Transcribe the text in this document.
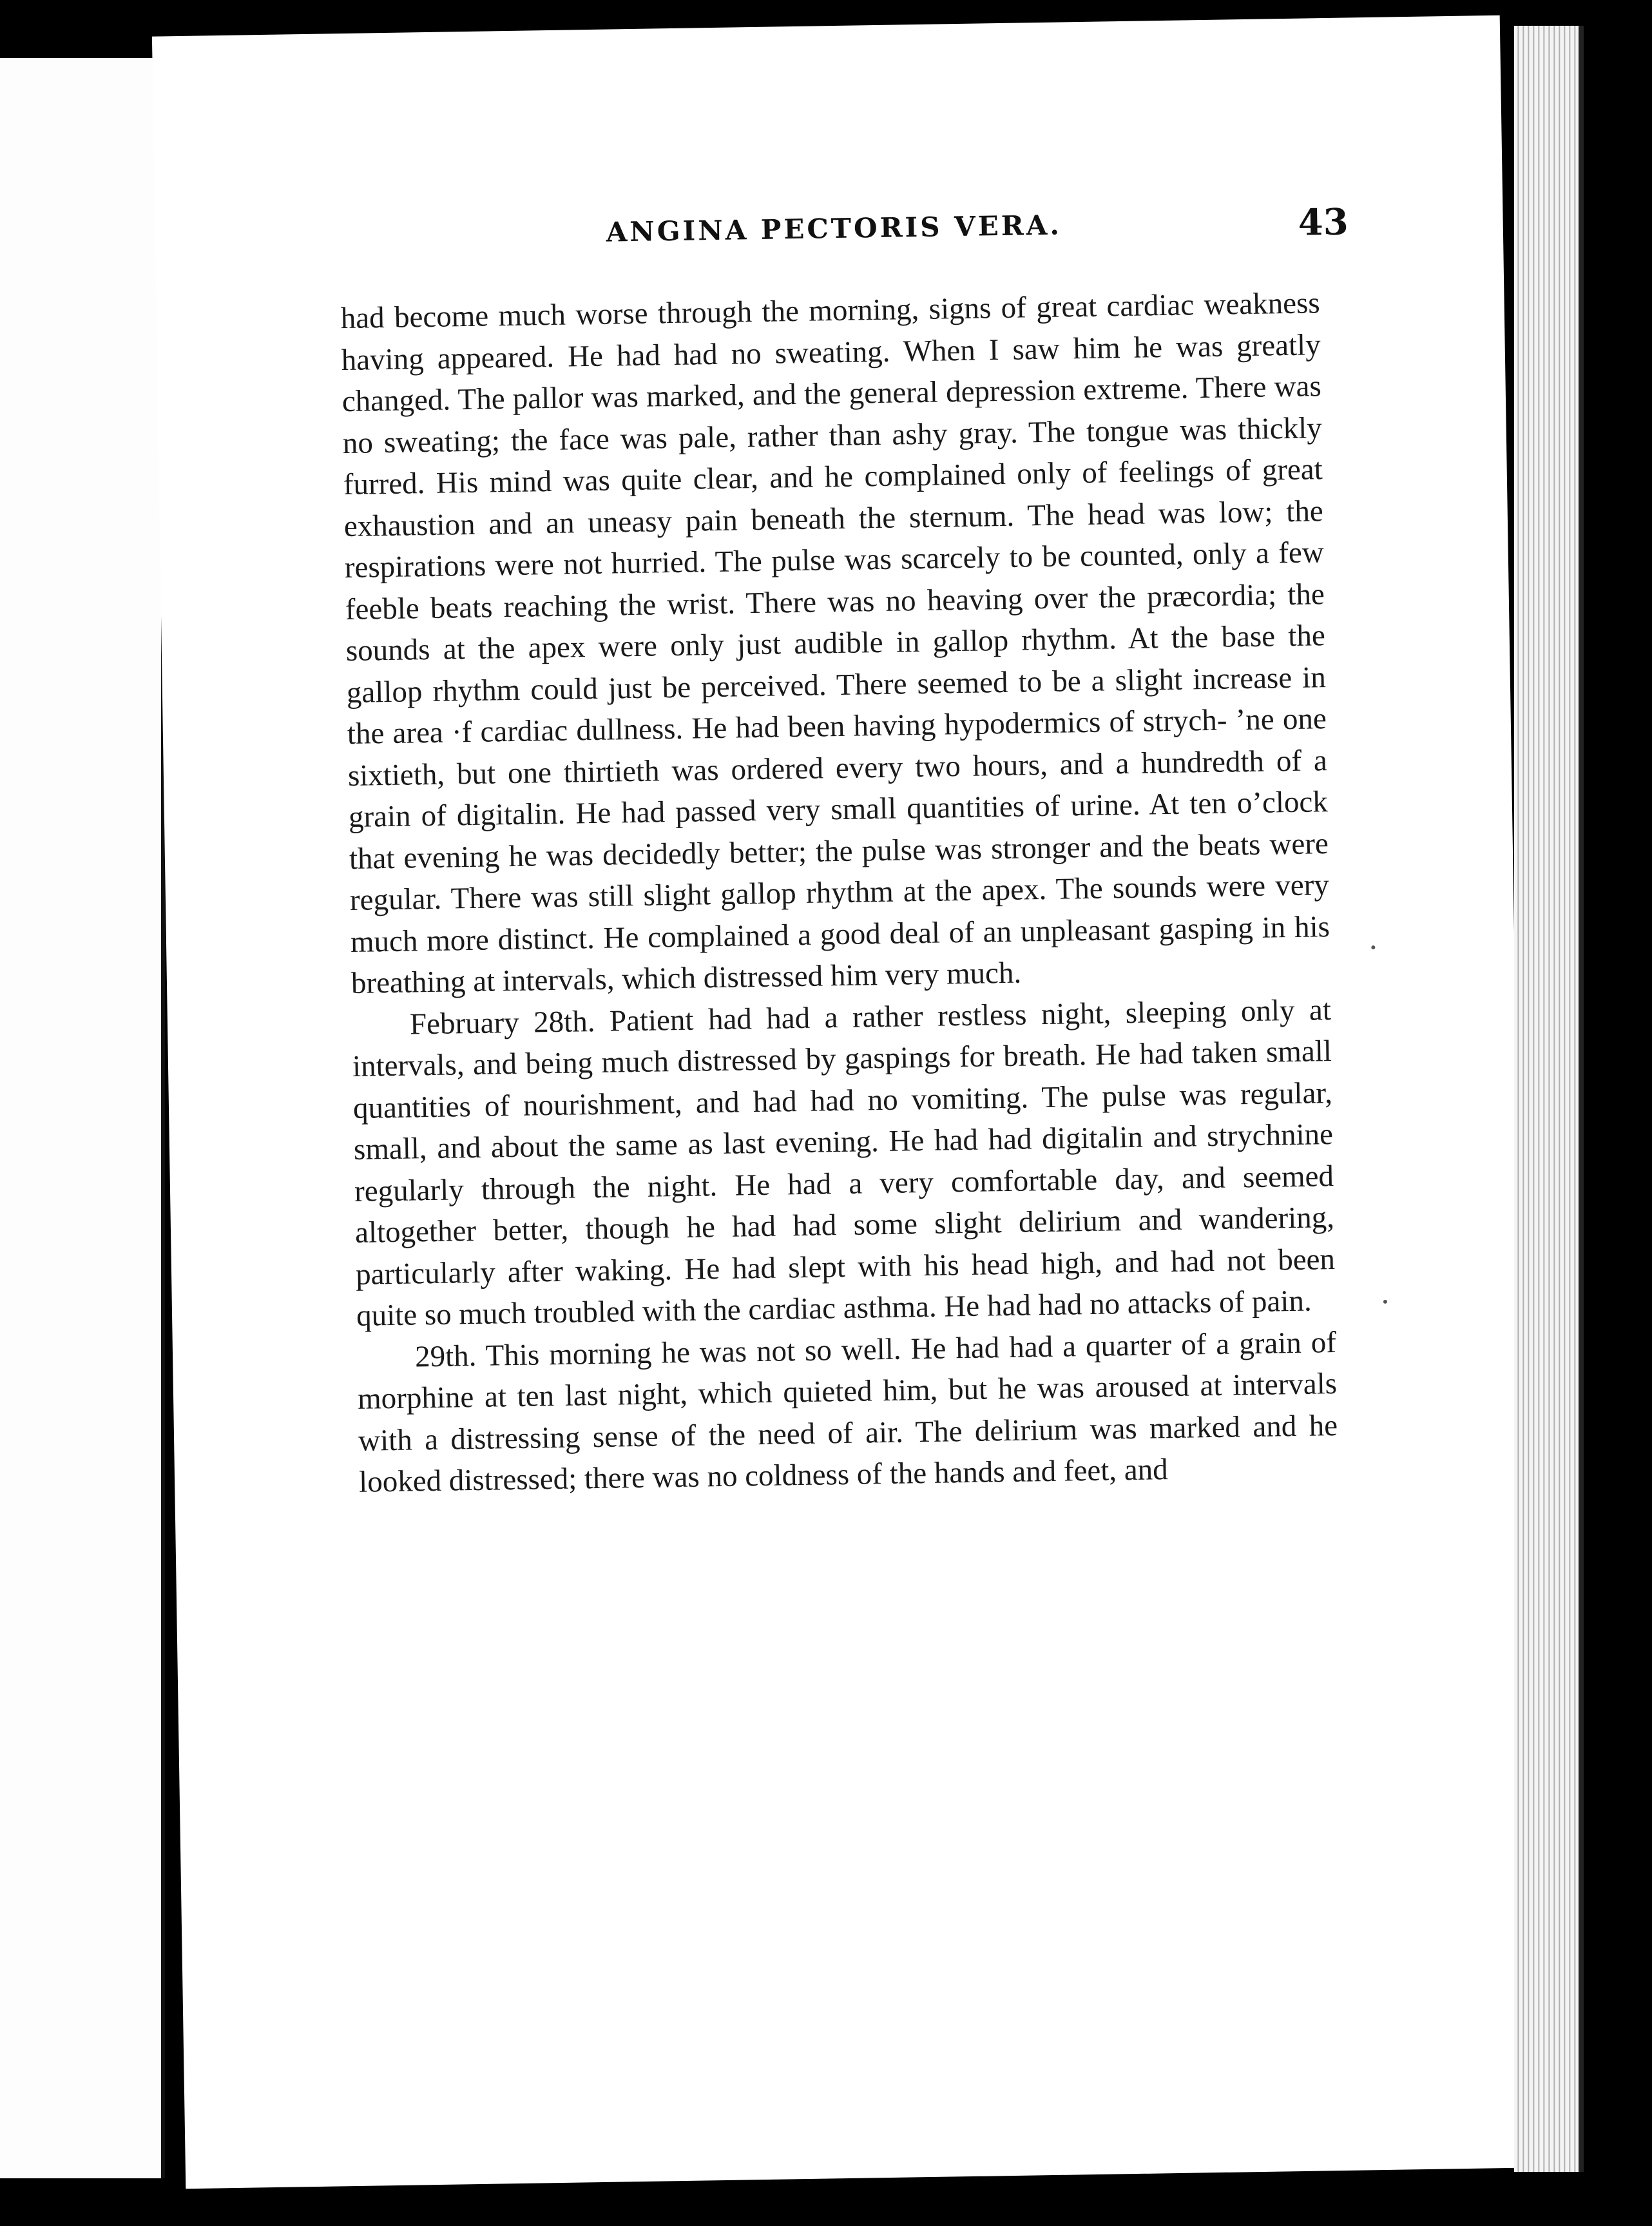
ANGINA PECTORIS VERA.	43

had become much worse through the morning, signs of great cardiac weakness having appeared. He had had no sweating. When I saw him he was greatly changed. The pallor was marked, and the general depression extreme. There was no sweating; the face was pale, rather than ashy gray. The tongue was thickly furred. His mind was quite clear, and he complained only of feelings of great exhaustion and an uneasy pain beneath the sternum. The head was low; the respirations were not hurried. The pulse was scarcely to be counted, only a few feeble beats reaching the wrist. There was no heaving over the præcordia; the sounds at the apex were only just audible in gallop rhythm. At the base the gallop rhythm could just be perceived. There seemed to be a slight increase in the area ·f cardiac dullness. He had been having hypodermics of strych- ’ne one sixtieth, but one thirtieth was ordered every two hours, and a hundredth of a grain of digitalin. He had passed very small quantities of urine. At ten o’clock that evening he was decidedly better; the pulse was stronger and the beats were regular. There was still slight gallop rhythm at the apex. The sounds were very much more distinct. He complained a good deal of an unpleasant gasping in his breathing at intervals, which distressed him very much.

February 28th. Patient had had a rather restless night, sleeping only at intervals, and being much distressed by gaspings for breath. He had taken small quantities of nourishment, and had had no vomiting. The pulse was regular, small, and about the same as last evening. He had had digitalin and strychnine regularly through the night. He had a very comfortable day, and seemed altogether better, though he had had some slight delirium and wandering, particularly after waking. He had slept with his head high, and had not been quite so much troubled with the cardiac asthma. He had had no attacks of pain.

29th. This morning he was not so well. He had had a quarter of a grain of morphine at ten last night, which quieted him, but he was aroused at intervals with a distressing sense of the need of air. The delirium was marked and he looked distressed; there was no coldness of the hands and feet, and
